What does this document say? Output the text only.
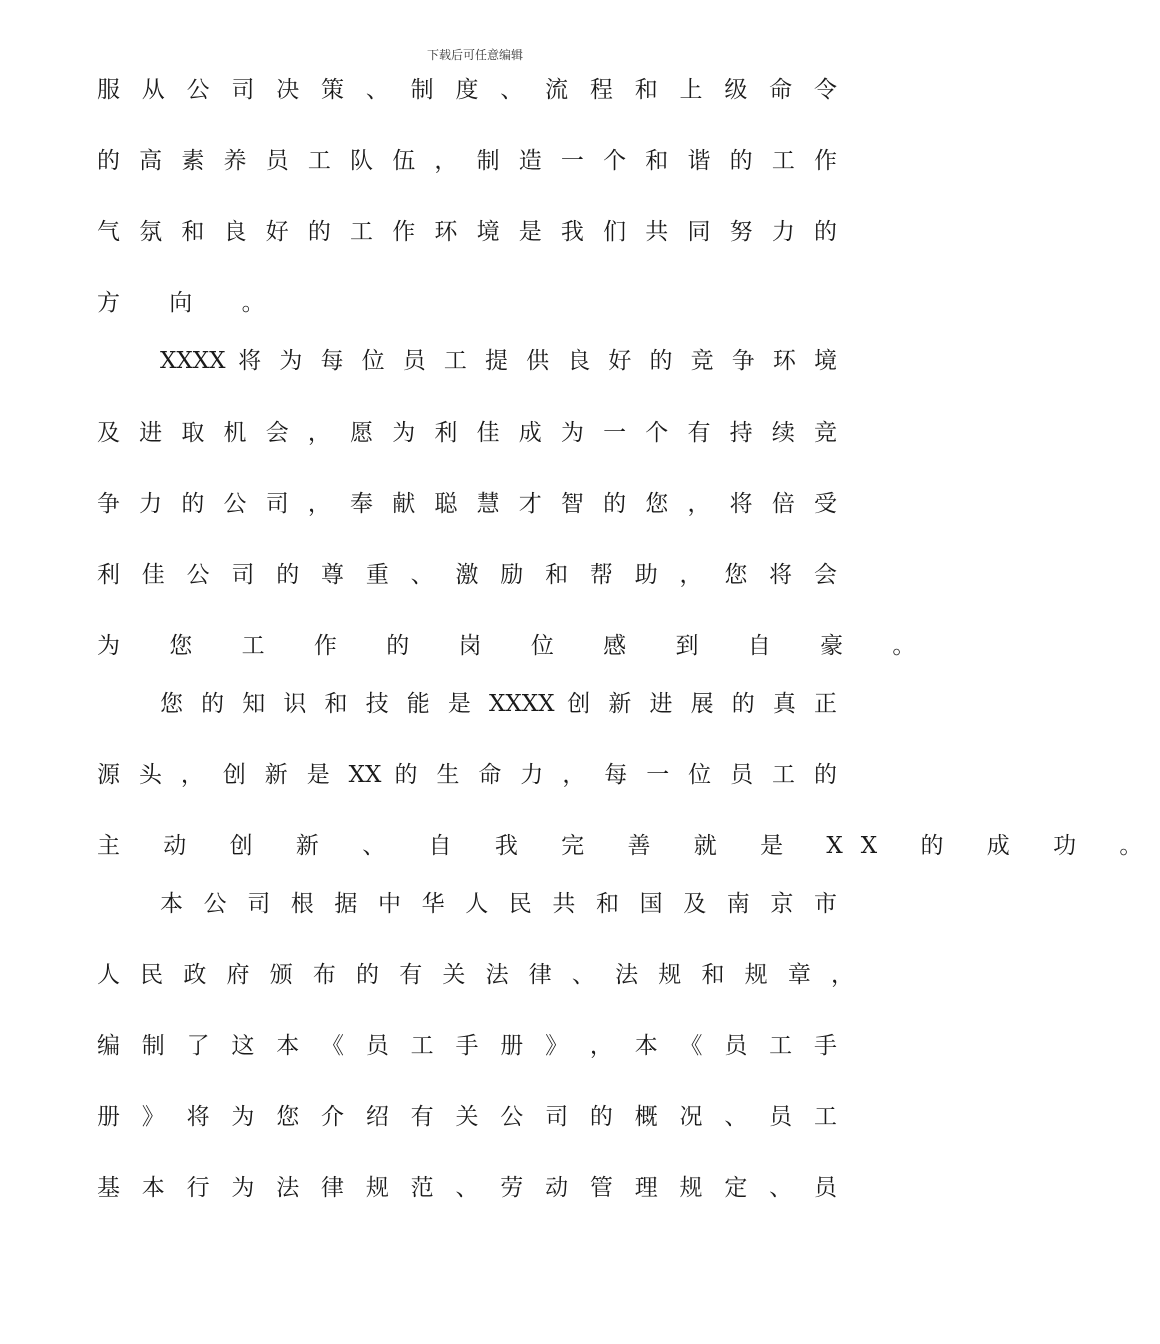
下载后可任意编辑
服 从 公 司 决 策 、 制 度 、 流 程 和 上 级 命 令
的 高 素 养 员 工 队 伍 ， 制 造 一 个 和 谐 的 工 作
气 氛 和 良 好 的 工 作 环 境 是 我 们 共 同 努 力 的
方 向 。
XXXX 将 为 每 位 员 工 提 供 良 好 的 竞 争 环 境
及 进 取 机 会 ， 愿 为 利 佳 成 为 一 个 有 持 续 竞
争 力 的 公 司 ， 奉 献 聪 慧 才 智 的 您 ， 将 倍 受
利 佳 公 司 的 尊 重 、 激 励 和 帮 助 ， 您 将 会
为 您 工 作 的 岗 位 感 到 自 豪 。
您 的 知 识 和 技 能 是 XXXX 创 新 进 展 的 真 正
源 头 ， 创 新 是 XX 的 生 命 力 ， 每 一 位 员 工 的
主 动 创 新 、 自 我 完 善 就 是 XX 的 成 功 。
本 公 司 根 据 中 华 人 民 共 和 国 及 南 京 市
人 民 政 府 颁 布 的 有 关 法 律 、 法 规 和 规 章 ，
编 制 了 这 本 《 员 工 手 册 》 ， 本 《 员 工 手
册 》 将 为 您 介 绍 有 关 公 司 的 概 况 、 员 工
基 本 行 为 法 律 规 范 、 劳 动 管 理 规 定 、 员
